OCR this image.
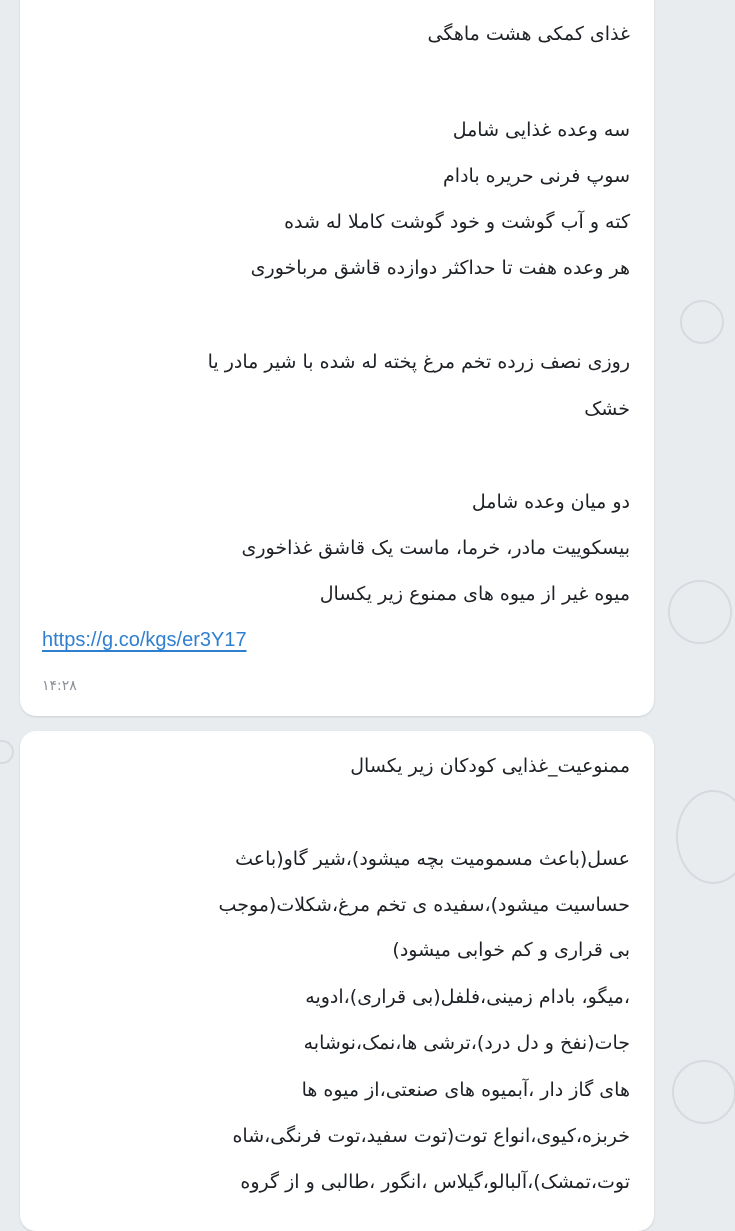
غذای کمکی هشت ماهگی
سه وعده غذایی شامل
سوپ فرنی حریره بادام
کته و آب گوشت و خود گوشت کاملا له شده
هر وعده هفت تا حداکثر دوازده قاشق مرباخوری
روزی نصف زرده تخم مرغ پخته له شده با شیر مادر یا
خشک
دو میان وعده شامل
بیسکوییت مادر، خرما، ماست یک قاشق غذاخوری
میوه غیر از میوه های ممنوع زیر یکسال
https://g.co/kgs/er3Y17
۱۴:۲۸
ممنوعیت_غذایی کودکان زیر یکسال
عسل(باعث مسمومیت بچه میشود)،شیر گاو(باعث
حساسیت میشود)،سفیده ی تخم مرغ،شکلات(موجب
بی قراری و کم خوابی میشود)
،میگو، بادام زمینی،فلفل(بی قراری)،ادویه
جات(نفخ و دل درد)،ترشی ها،نمک،نوشابه
های گاز دار ،آبمیوه های صنعتی،از میوه ها
خربزه،کیوی،انواع توت(توت سفید،توت فرنگی،شاه
توت،تمشک)،آلبالو،گیلاس ،انگور ،طالبی و از گروه
